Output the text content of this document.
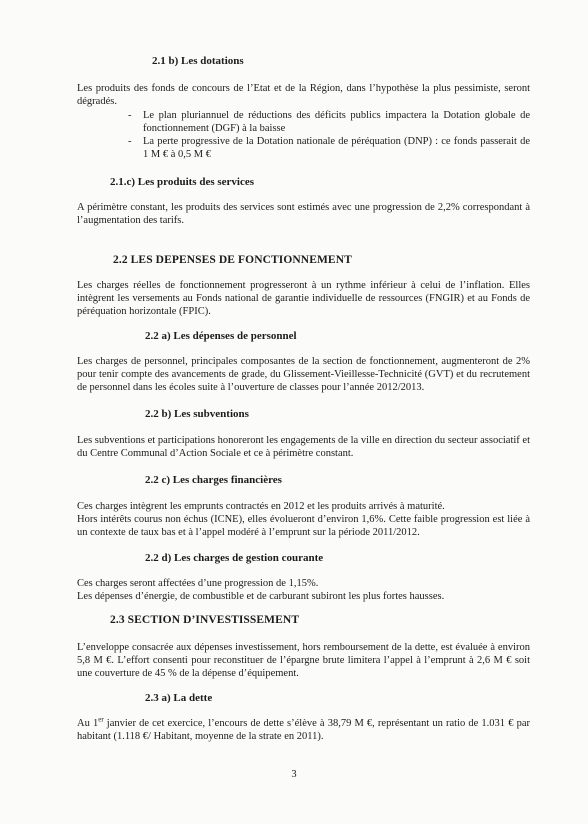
2.1 b) Les dotations
Les produits des fonds de concours de l’Etat et de la Région, dans l’hypothèse la plus pessimiste, seront dégradés.
- Le plan pluriannuel de réductions des déficits publics impactera la Dotation globale de fonctionnement (DGF) à la baisse
- La perte progressive de la Dotation nationale de péréquation (DNP) : ce fonds passerait de 1 M € à 0,5 M €
2.1.c) Les produits des services
A périmètre constant, les produits des services sont estimés avec une progression de 2,2% correspondant à l’augmentation des tarifs.
2.2 LES DEPENSES DE FONCTIONNEMENT
Les charges réelles de fonctionnement progresseront à un rythme inférieur à celui de l’inflation. Elles intègrent les versements au Fonds national de garantie individuelle de ressources (FNGIR) et au Fonds de péréquation horizontale (FPIC).
2.2 a) Les dépenses de personnel
Les charges de personnel, principales composantes de la section de fonctionnement, augmenteront de 2% pour tenir compte des avancements de grade, du Glissement-Vieillesse-Technicité (GVT) et du recrutement de personnel dans les écoles suite à l’ouverture de classes pour l’année 2012/2013.
2.2 b) Les subventions
Les subventions et participations honoreront les engagements de la ville en direction du secteur associatif et du Centre Communal d’Action Sociale et ce à périmètre constant.
2.2 c) Les charges financières
Ces charges intègrent les emprunts contractés en 2012 et les produits arrivés à maturité.
Hors intérêts courus non échus (ICNE), elles évolueront d’environ 1,6%. Cette faible progression est liée à un contexte de taux bas et à l’appel modéré à l’emprunt sur la période 2011/2012.
2.2 d) Les charges de gestion courante
Ces charges seront affectées d’une progression de 1,15%.
Les dépenses d’énergie, de combustible et de carburant subiront les plus fortes hausses.
2.3 SECTION D’INVESTISSEMENT
L’enveloppe consacrée aux dépenses investissement, hors remboursement de la dette, est évaluée à environ 5,8 M €. L’effort consenti pour reconstituer de l’épargne brute limitera l’appel à l’emprunt à 2,6 M € soit une couverture de 45 % de la dépense d’équipement.
2.3 a) La dette
Au 1er janvier de cet exercice, l’encours de dette s’élève à 38,79 M €, représentant un ratio de 1.031 € par habitant (1.118 €/ Habitant, moyenne de la strate en 2011).
3
